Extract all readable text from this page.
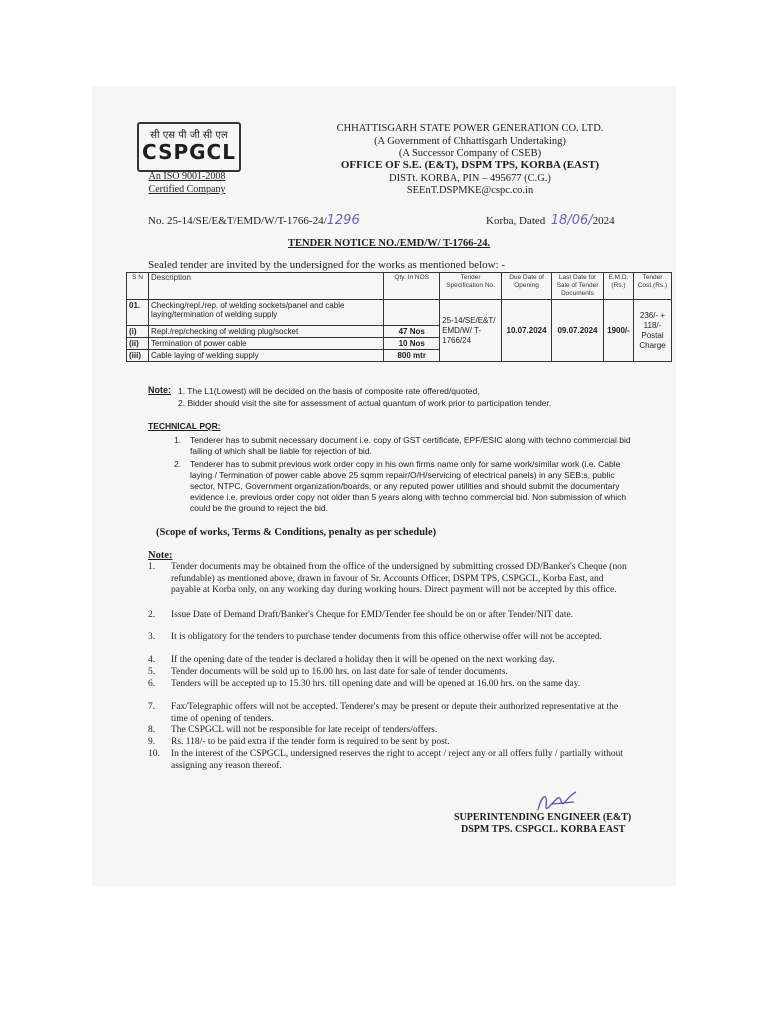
सी एस पी जी सी एल
CSPGCL
An ISO 9001-2008
Certified Company
CHHATTISGARH STATE POWER GENERATION CO. LTD.
(A Government of Chhattisgarh Undertaking)
(A Successor Company of CSEB)
OFFICE OF S.E. (E&T), DSPM TPS, KORBA (EAST)
DISTt. KORBA, PIN – 495677 (C.G.)
SEEnT.DSPMKE@cspc.co.in
No. 25-14/SE/E&T/EMD/W/T-1766-24/1296	Korba, Dated 18/06/2024
TENDER NOTICE NO./EMD/W/ T-1766-24.
Sealed tender are invited by the undersigned for the works as mentioned below: -
S N	Description	Qty. In NOS	Tender Specification No.	Due Date of Opening	Last Date for Sale of Tender Documents	E.M.D. (Rs.)	Tender Cost (Rs.)
01.	Checking/repl./rep. of welding sockets/panel and cable laying/termination of welding supply		25-14/SE/E&T/ EMD/W/ T-1766/24	10.07.2024	09.07.2024	1900/-	236/- + 118/- Postal Charge
(i)	Repl./rep/checking of welding plug/socket	47 Nos					
(ii)	Termination of power cable	10 Nos					
(iii)	Cable laying of welding supply	800 mtr					
Note: 1. The L1(Lowest) will be decided on the basis of composite rate offered/quoted,
2. Bidder should visit the site for assessment of actual quantum of work prior to participation tender.
TECHNICAL PQR:
1.	Tenderer has to submit necessary document i.e. copy of GST certificate, EPF/ESIC along with techno commercial bid failing of which shall be liable for rejection of bid.
2.	Tenderer has to submit previous work order copy in his own firms name only for same work/similar work (i.e. Cable laying / Termination of power cable above 25 sqmm repair/O/H/servicing of electrical panels) in any SEB:s, public sector, NTPC, Government organization/boards, or any reputed power utilities and should submit the documentary evidence i.e. previous order copy not older than 5 years along with techno commercial bid. Non submission of which could be the ground to reject the bid.
(Scope of works, Terms & Conditions, penalty as per schedule)
Note:
1.	Tender documents may be obtained from the office of the undersigned by submitting crossed DD/Banker's Cheque (non refundable) as mentioned above, drawn in favour of Sr. Accounts Officer, DSPM TPS, CSPGCL, Korba East, and payable at Korba only, on any working day during working hours. Direct payment will not be accepted by this office.
2.	Issue Date of Demand Draft/Banker's Cheque for EMD/Tender fee should be on or after Tender/NIT date.
3.	It is obligatory for the tenders to purchase tender documents from this office otherwise offer will not be accepted.
4.	If the opening date of the tender is declared a holiday then it will be opened on the next working day.
5.	Tender documents will be sold up to 16.00 hrs. on last date for sale of tender documents.
6.	Tenders will be accepted up to 15.30 hrs. till opening date and will be opened at 16.00 hrs. on the same day.
7.	Fax/Telegraphic offers will not be accepted. Tenderer's may be present or depute their authorized representative at the time of opening of tenders.
8.	The CSPGCL will not be responsible for late receipt of tenders/offers.
9.	Rs. 118/- to be paid extra if the tender form is required to be sent by post.
10.	In the interest of the CSPGCL, undersigned reserves the right to accept / reject any or all offers fully / partially without assigning any reason thereof.
SUPERINTENDING ENGINEER (E&T)
DSPM TPS. CSPGCL. KORBA EAST
